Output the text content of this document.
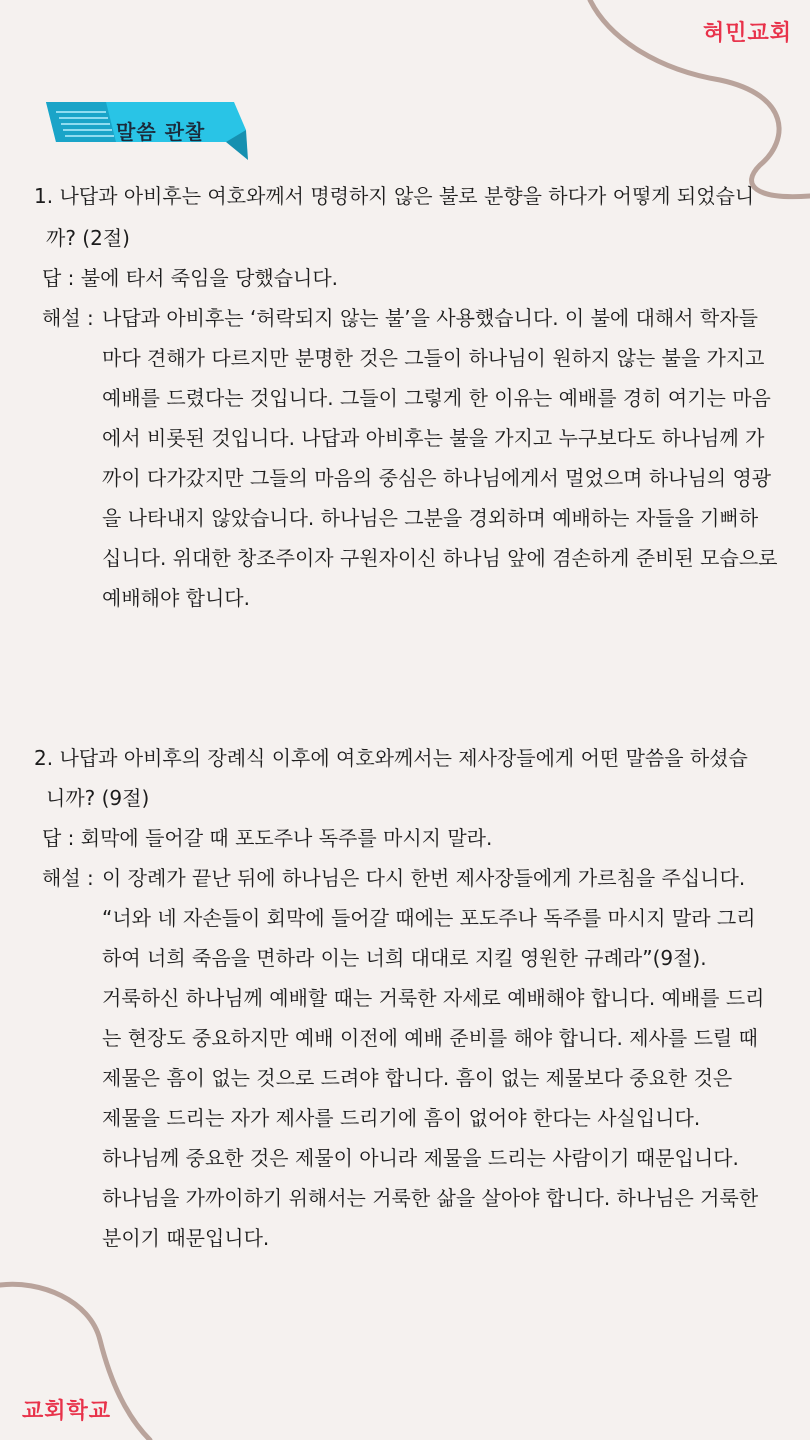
혀민교회
말씀 관찰
1. 나답과 아비후는 여호와께서 명령하지 않은 불로 분향을 하다가 어떻게 되었습니
까? (2절)
답 : 불에 타서 죽임을 당했습니다.
해설 : 나답과 아비후는 ‘허락되지 않는 불’을 사용했습니다. 이 불에 대해서 학자들
마다 견해가 다르지만 분명한 것은 그들이 하나님이 원하지 않는 불을 가지고
예배를 드렸다는 것입니다. 그들이 그렇게 한 이유는 예배를 경히 여기는 마음
에서 비롯된 것입니다. 나답과 아비후는 불을 가지고 누구보다도 하나님께 가
까이 다가갔지만 그들의 마음의 중심은 하나님에게서 멀었으며 하나님의 영광
을 나타내지 않았습니다. 하나님은 그분을 경외하며 예배하는 자들을 기뻐하
십니다. 위대한 창조주이자 구원자이신 하나님 앞에 겸손하게 준비된 모습으로
예배해야 합니다.
2. 나답과 아비후의 장례식 이후에 여호와께서는 제사장들에게 어떤 말씀을 하셨습
니까? (9절)
답 : 회막에 들어갈 때 포도주나 독주를 마시지 말라.
해설 : 이 장례가 끝난 뒤에 하나님은 다시 한번 제사장들에게 가르침을 주십니다.
“너와 네 자손들이 회막에 들어갈 때에는 포도주나 독주를 마시지 말라 그리
하여 너희 죽음을 면하라 이는 너희 대대로 지킬 영원한 규례라”(9절).
거룩하신 하나님께 예배할 때는 거룩한 자세로 예배해야 합니다. 예배를 드리
는 현장도 중요하지만 예배 이전에 예배 준비를 해야 합니다. 제사를 드릴 때
제물은 흠이 없는 것으로 드려야 합니다. 흠이 없는 제물보다 중요한 것은
제물을 드리는 자가 제사를 드리기에 흠이 없어야 한다는 사실입니다.
하나님께 중요한 것은 제물이 아니라 제물을 드리는 사람이기 때문입니다.
하나님을 가까이하기 위해서는 거룩한 삶을 살아야 합니다. 하나님은 거룩한
분이기 때문입니다.
교회학교
